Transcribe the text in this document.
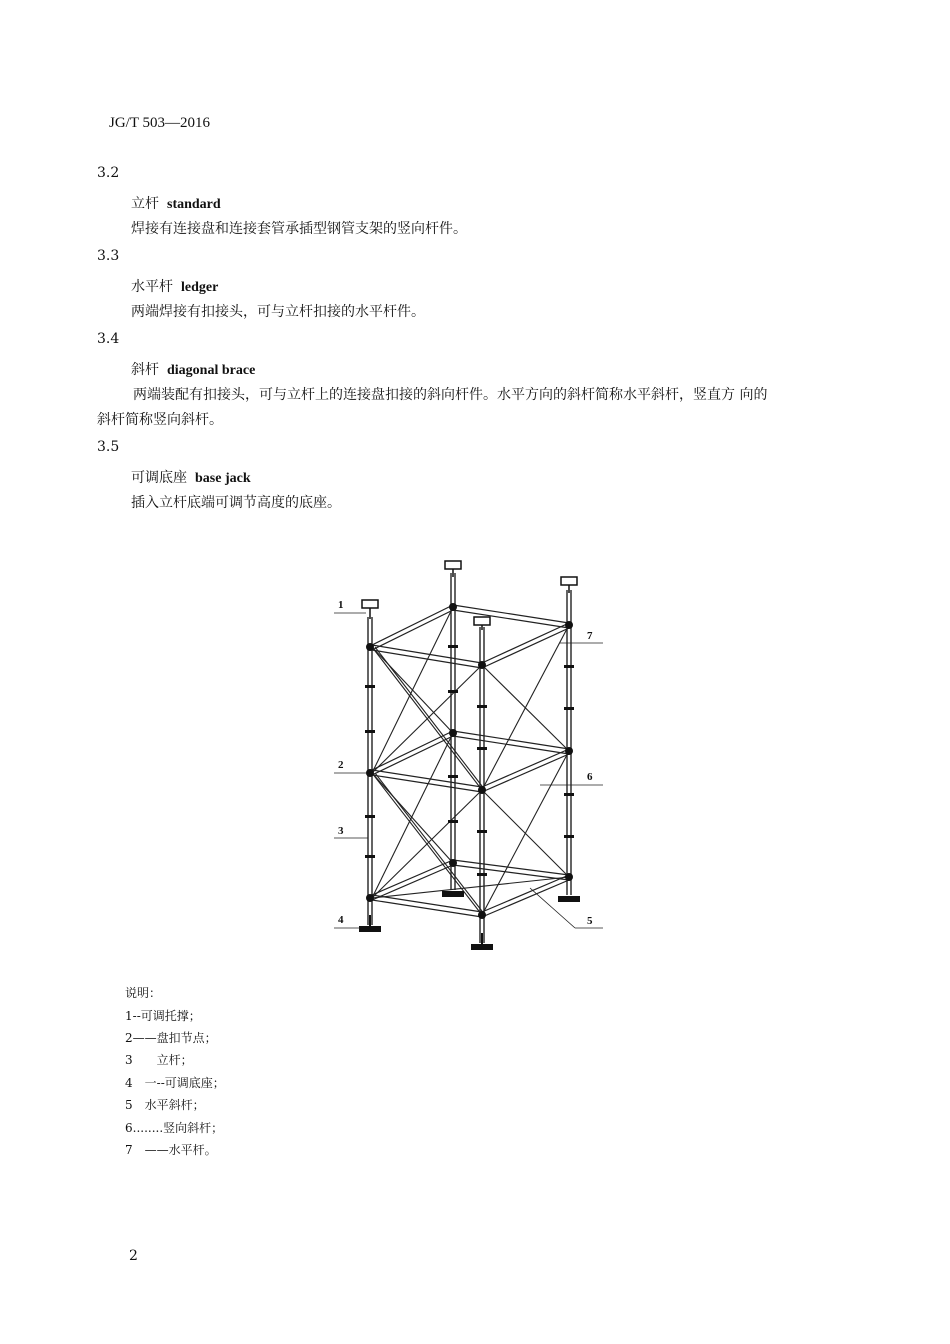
JG/T 503—2016
3.2
立杆 standard
焊接有连接盘和连接套管承插型钢管支架的竖向杆件。
3.3
水平杆 ledger
两端焊接有扣接头，可与立杆扣接的水平杆件。
3.4
斜杆 diagonal brace
两端装配有扣接头，可与立杆上的连接盘扣接的斜向杆件。水平方向的斜杆简称水平斜杆，竖直方 向的
斜杆简称竖向斜杆。
3.5
可调底座 base jack
插入立杆底端可调节高度的底座。
1
2
3
4	5
6
7
说明：
1--可调托撑；
2——盘扣节点；
3　　立杆；
4　一--可调底座；
5　水平斜杆；
6........竖向斜杆；
7　——水平杆。
2
